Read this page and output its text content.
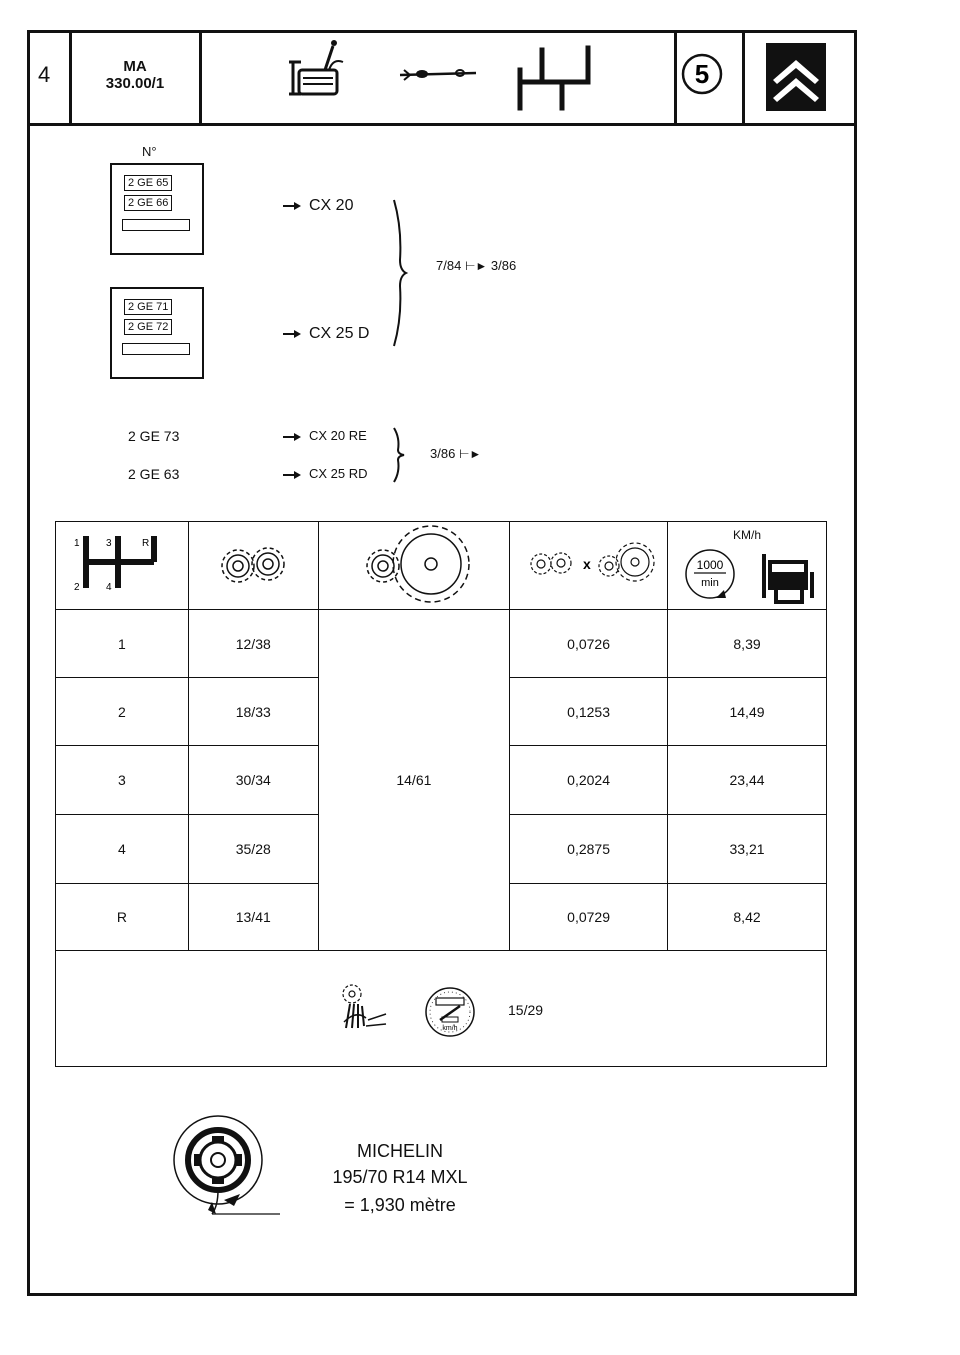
4	MA
330.00/1	5
N°
2 GE 65
2 GE 66
2 GE 71
2 GE 72
CX 20
CX 25 D
7/84 ⊢► 3/86
2 GE 73
2 GE 63
CX 20 RE
CX 25 RD
3/86 ⊢►
1 3 R
2 4			x	KM/h
1000
min

1	12/38	14/61	0,0726	8,39
2	18/33		0,1253	14,49
3	30/34		0,2024	23,44
4	35/28		0,2875	33,21
R	13/41		0,0729	8,42
km/h
15/29
MICHELIN
195/70 R14 MXL
= 1,930 mètre
